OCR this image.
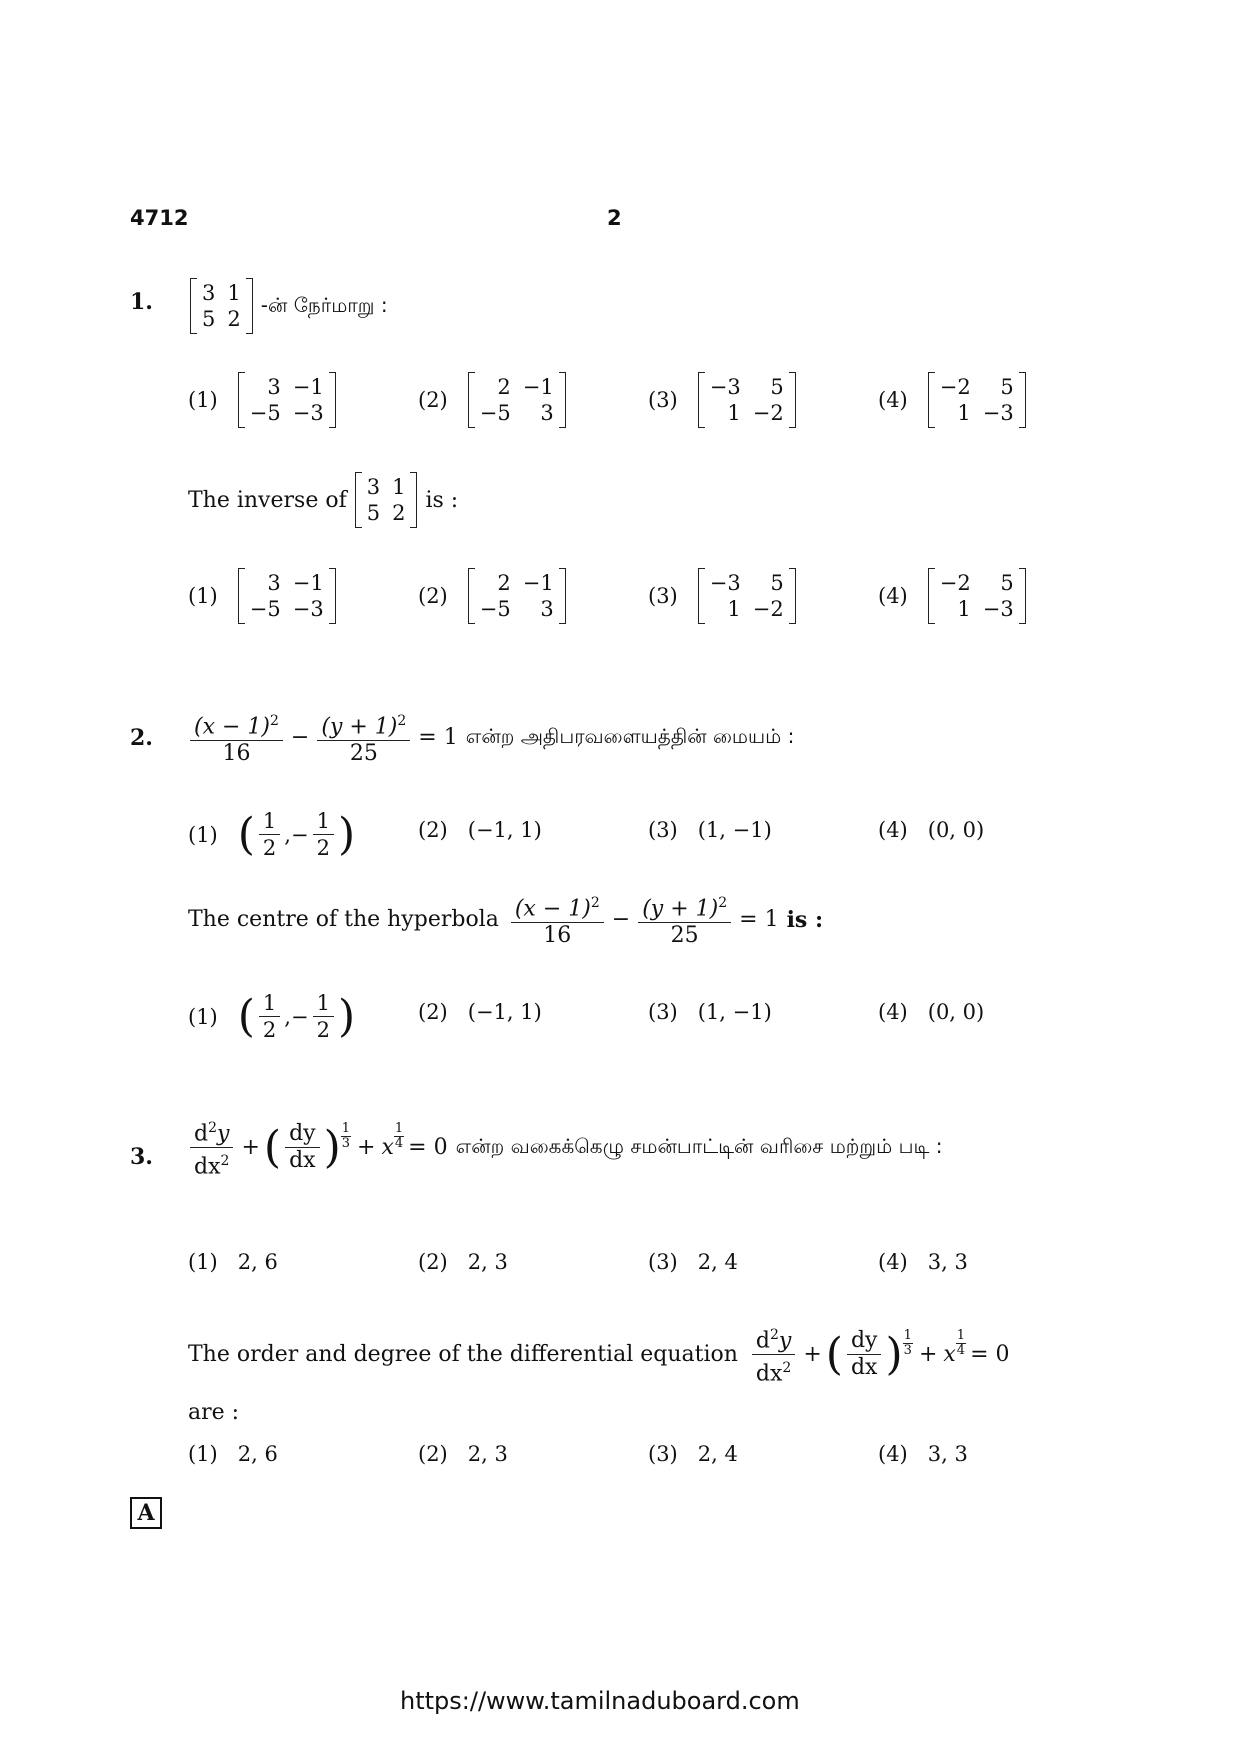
4712	2
1. 3	1
5	2
-ன் நேர்மாறு :
(1)
3	−1
−5	−3
(2)
2	−1
−5	3
(3)
−3	5
1	−2
(4)
−2	5
1	−3
The inverse of
3	1
5	2
is :
(1)
3	−1
−5	−3
(2)
2	−1
−5	3
(3)
−3	5
1	−2
(4)
−2	5
1	−3
2. $\frac{(x - 1)^2}{16} - \frac{(y + 1)^2}{25} = 1$ என்ற அதிபரவளையத்தின் மையம் :
(1) ( $\frac{1}{2}$ , − $\frac{1}{2}$ )	(2) (−1, 1)	(3) (1, −1)	(4) (0, 0)
The centre of the hyperbola $\frac{(x - 1)^2}{16} - \frac{(y + 1)^2}{25} = 1$ is :
(1) ( $\frac{1}{2}$ , − $\frac{1}{2}$ )	(2) (−1, 1)	(3) (1, −1)	(4) (0, 0)
3. $\frac{d^2y}{dx^2}$ + ( $\frac{dy}{dx}$ ) 1
3 + x $\frac{1}{4} = 0$ என்ற வகைக்கெழு சமன்பாட்டின் வரிசை மற்றும் படி :
(1) 2, 6	(2) 2, 3	(3) 2, 4	(4) 3, 3
The order and degree of the differential equation $\frac{d^2y}{dx^2}$ + ( $\frac{dy}{dx}$ ) 1
3 + x $\frac{1}{4} = 0$
are :
(1) 2, 6	(2) 2, 3	(3) 2, 4	(4) 3, 3
A
https://www.tamilnaduboard.com
